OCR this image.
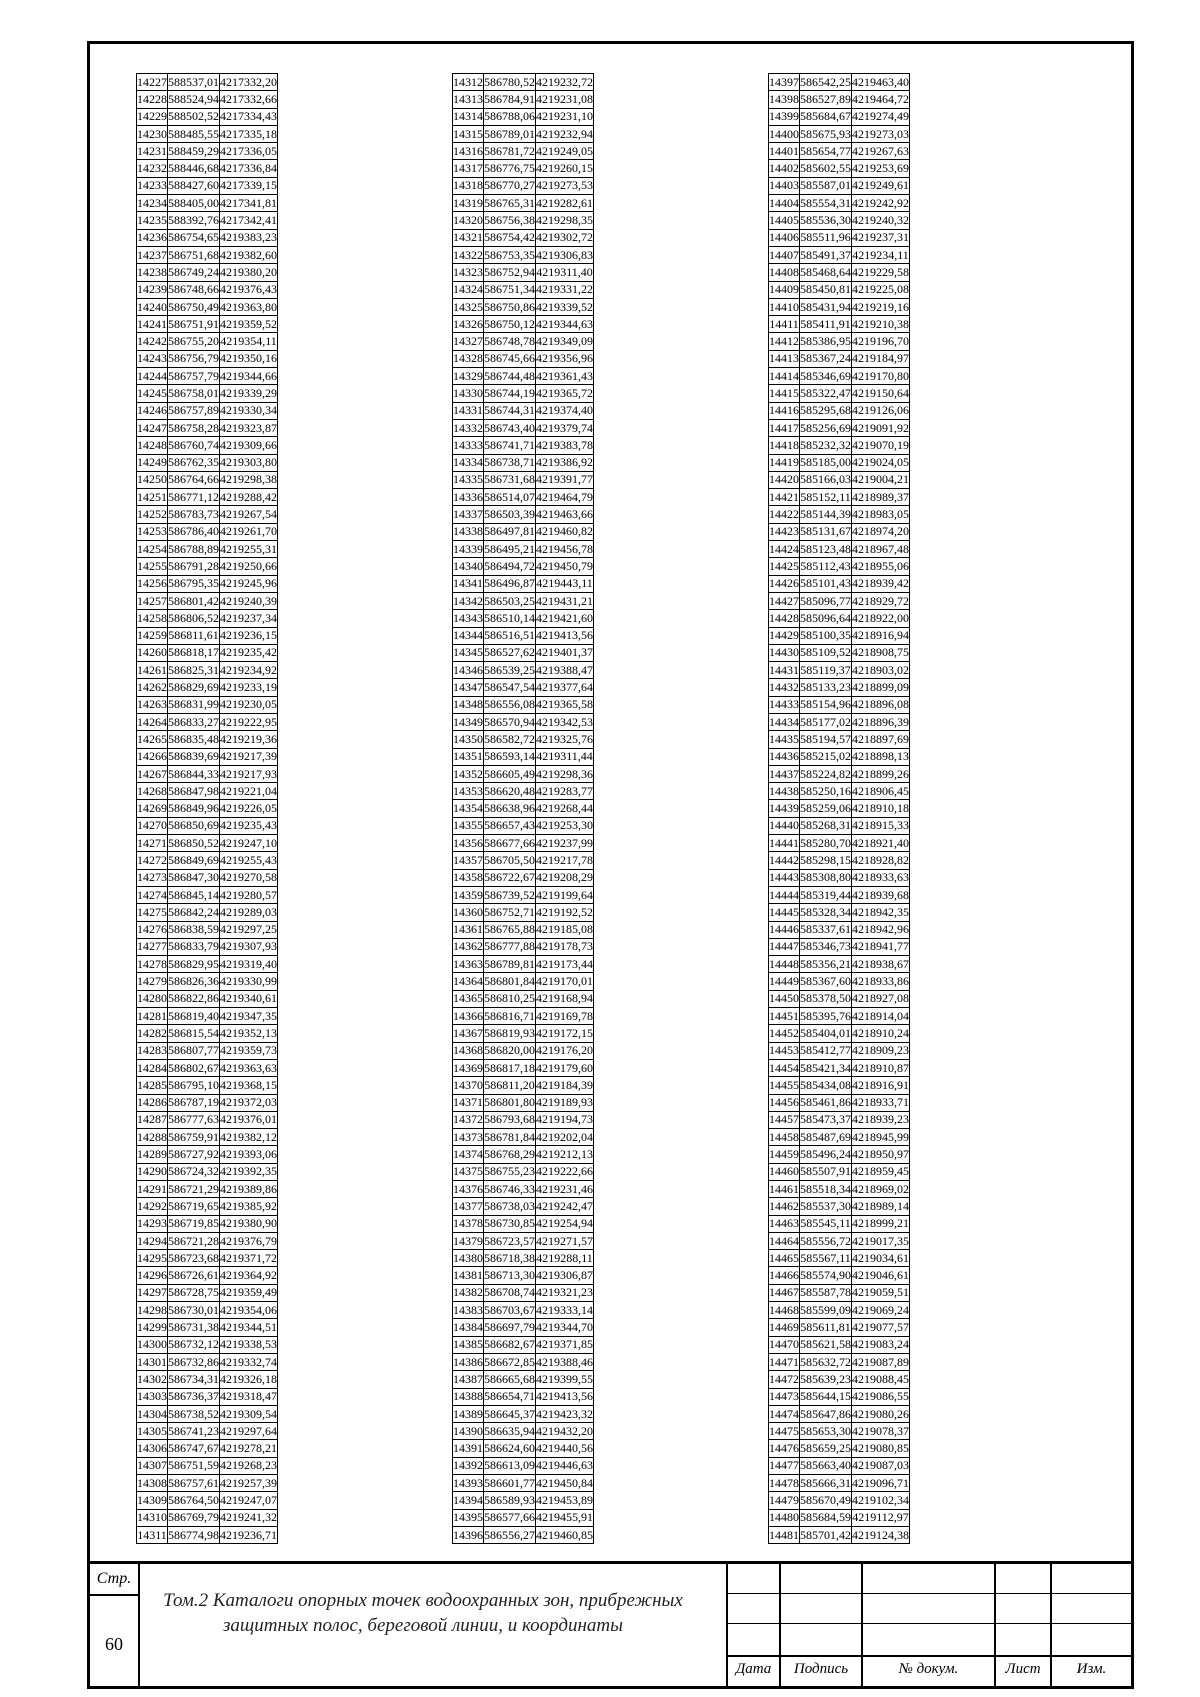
14227	588537,01	4217332,20
14228	588524,94	4217332,66
14229	588502,52	4217334,43
14230	588485,55	4217335,18
14231	588459,29	4217336,05
14232	588446,68	4217336,84
14233	588427,60	4217339,15
14234	588405,00	4217341,81
14235	588392,76	4217342,41
14236	586754,65	4219383,23
14237	586751,68	4219382,60
14238	586749,24	4219380,20
14239	586748,66	4219376,43
14240	586750,49	4219363,80
14241	586751,91	4219359,52
14242	586755,20	4219354,11
14243	586756,79	4219350,16
14244	586757,79	4219344,66
14245	586758,01	4219339,29
14246	586757,89	4219330,34
14247	586758,28	4219323,87
14248	586760,74	4219309,66
14249	586762,35	4219303,80
14250	586764,66	4219298,38
14251	586771,12	4219288,42
14252	586783,73	4219267,54
14253	586786,40	4219261,70
14254	586788,89	4219255,31
14255	586791,28	4219250,66
14256	586795,35	4219245,96
14257	586801,42	4219240,39
14258	586806,52	4219237,34
14259	586811,61	4219236,15
14260	586818,17	4219235,42
14261	586825,31	4219234,92
14262	586829,69	4219233,19
14263	586831,99	4219230,05
14264	586833,27	4219222,95
14265	586835,48	4219219,36
14266	586839,69	4219217,39
14267	586844,33	4219217,93
14268	586847,98	4219221,04
14269	586849,96	4219226,05
14270	586850,69	4219235,43
14271	586850,52	4219247,10
14272	586849,69	4219255,43
14273	586847,30	4219270,58
14274	586845,14	4219280,57
14275	586842,24	4219289,03
14276	586838,59	4219297,25
14277	586833,79	4219307,93
14278	586829,95	4219319,40
14279	586826,36	4219330,99
14280	586822,86	4219340,61
14281	586819,40	4219347,35
14282	586815,54	4219352,13
14283	586807,77	4219359,73
14284	586802,67	4219363,63
14285	586795,10	4219368,15
14286	586787,19	4219372,03
14287	586777,63	4219376,01
14288	586759,91	4219382,12
14289	586727,92	4219393,06
14290	586724,32	4219392,35
14291	586721,29	4219389,86
14292	586719,65	4219385,92
14293	586719,85	4219380,90
14294	586721,28	4219376,79
14295	586723,68	4219371,72
14296	586726,61	4219364,92
14297	586728,75	4219359,49
14298	586730,01	4219354,06
14299	586731,38	4219344,51
14300	586732,12	4219338,53
14301	586732,86	4219332,74
14302	586734,31	4219326,18
14303	586736,37	4219318,47
14304	586738,52	4219309,54
14305	586741,23	4219297,64
14306	586747,67	4219278,21
14307	586751,59	4219268,23
14308	586757,61	4219257,39
14309	586764,50	4219247,07
14310	586769,79	4219241,32
14311	586774,98	4219236,71
14312	586780,52	4219232,72
14313	586784,91	4219231,08
14314	586788,06	4219231,10
14315	586789,01	4219232,94
14316	586781,72	4219249,05
14317	586776,75	4219260,15
14318	586770,27	4219273,53
14319	586765,31	4219282,61
14320	586756,38	4219298,35
14321	586754,42	4219302,72
14322	586753,35	4219306,83
14323	586752,94	4219311,40
14324	586751,34	4219331,22
14325	586750,86	4219339,52
14326	586750,12	4219344,63
14327	586748,78	4219349,09
14328	586745,66	4219356,96
14329	586744,48	4219361,43
14330	586744,19	4219365,72
14331	586744,31	4219374,40
14332	586743,40	4219379,74
14333	586741,71	4219383,78
14334	586738,71	4219386,92
14335	586731,68	4219391,77
14336	586514,07	4219464,79
14337	586503,39	4219463,66
14338	586497,81	4219460,82
14339	586495,21	4219456,78
14340	586494,72	4219450,79
14341	586496,87	4219443,11
14342	586503,25	4219431,21
14343	586510,14	4219421,60
14344	586516,51	4219413,56
14345	586527,62	4219401,37
14346	586539,25	4219388,47
14347	586547,54	4219377,64
14348	586556,08	4219365,58
14349	586570,94	4219342,53
14350	586582,72	4219325,76
14351	586593,14	4219311,44
14352	586605,49	4219298,36
14353	586620,48	4219283,77
14354	586638,96	4219268,44
14355	586657,43	4219253,30
14356	586677,66	4219237,99
14357	586705,50	4219217,78
14358	586722,67	4219208,29
14359	586739,52	4219199,64
14360	586752,71	4219192,52
14361	586765,88	4219185,08
14362	586777,88	4219178,73
14363	586789,81	4219173,44
14364	586801,84	4219170,01
14365	586810,25	4219168,94
14366	586816,71	4219169,78
14367	586819,93	4219172,15
14368	586820,00	4219176,20
14369	586817,18	4219179,60
14370	586811,20	4219184,39
14371	586801,80	4219189,93
14372	586793,68	4219194,73
14373	586781,84	4219202,04
14374	586768,29	4219212,13
14375	586755,23	4219222,66
14376	586746,33	4219231,46
14377	586738,03	4219242,47
14378	586730,85	4219254,94
14379	586723,57	4219271,57
14380	586718,38	4219288,11
14381	586713,30	4219306,87
14382	586708,74	4219321,23
14383	586703,67	4219333,14
14384	586697,79	4219344,70
14385	586682,67	4219371,85
14386	586672,85	4219388,46
14387	586665,68	4219399,55
14388	586654,71	4219413,56
14389	586645,37	4219423,32
14390	586635,94	4219432,20
14391	586624,60	4219440,56
14392	586613,09	4219446,63
14393	586601,77	4219450,84
14394	586589,93	4219453,89
14395	586577,66	4219455,91
14396	586556,27	4219460,85
14397	586542,25	4219463,40
14398	586527,89	4219464,72
14399	585684,67	4219274,49
14400	585675,93	4219273,03
14401	585654,77	4219267,63
14402	585602,55	4219253,69
14403	585587,01	4219249,61
14404	585554,31	4219242,92
14405	585536,30	4219240,32
14406	585511,96	4219237,31
14407	585491,37	4219234,11
14408	585468,64	4219229,58
14409	585450,81	4219225,08
14410	585431,94	4219219,16
14411	585411,91	4219210,38
14412	585386,95	4219196,70
14413	585367,24	4219184,97
14414	585346,69	4219170,80
14415	585322,47	4219150,64
14416	585295,68	4219126,06
14417	585256,69	4219091,92
14418	585232,32	4219070,19
14419	585185,00	4219024,05
14420	585166,03	4219004,21
14421	585152,11	4218989,37
14422	585144,39	4218983,05
14423	585131,67	4218974,20
14424	585123,48	4218967,48
14425	585112,43	4218955,06
14426	585101,43	4218939,42
14427	585096,77	4218929,72
14428	585096,64	4218922,00
14429	585100,35	4218916,94
14430	585109,52	4218908,75
14431	585119,37	4218903,02
14432	585133,23	4218899,09
14433	585154,96	4218896,08
14434	585177,02	4218896,39
14435	585194,57	4218897,69
14436	585215,02	4218898,13
14437	585224,82	4218899,26
14438	585250,16	4218906,45
14439	585259,06	4218910,18
14440	585268,31	4218915,33
14441	585280,70	4218921,40
14442	585298,15	4218928,82
14443	585308,80	4218933,63
14444	585319,44	4218939,68
14445	585328,34	4218942,35
14446	585337,61	4218942,96
14447	585346,73	4218941,77
14448	585356,21	4218938,67
14449	585367,60	4218933,86
14450	585378,50	4218927,08
14451	585395,76	4218914,04
14452	585404,01	4218910,24
14453	585412,77	4218909,23
14454	585421,34	4218910,87
14455	585434,08	4218916,91
14456	585461,86	4218933,71
14457	585473,37	4218939,23
14458	585487,69	4218945,99
14459	585496,24	4218950,97
14460	585507,91	4218959,45
14461	585518,34	4218969,02
14462	585537,30	4218989,14
14463	585545,11	4218999,21
14464	585556,72	4219017,35
14465	585567,11	4219034,61
14466	585574,90	4219046,61
14467	585587,78	4219059,51
14468	585599,09	4219069,24
14469	585611,81	4219077,57
14470	585621,58	4219083,24
14471	585632,72	4219087,89
14472	585639,23	4219088,45
14473	585644,15	4219086,55
14474	585647,86	4219080,26
14475	585653,30	4219078,37
14476	585659,25	4219080,85
14477	585663,40	4219087,03
14478	585666,31	4219096,71
14479	585670,49	4219102,34
14480	585684,59	4219112,97
14481	585701,42	4219124,38
Стр.
60
Том.2 Каталоги опорных точек водоохранных зон, прибрежных защитных полос, береговой линии, и координаты
Дата	Подпись	№ докум.	Лист	Изм.
